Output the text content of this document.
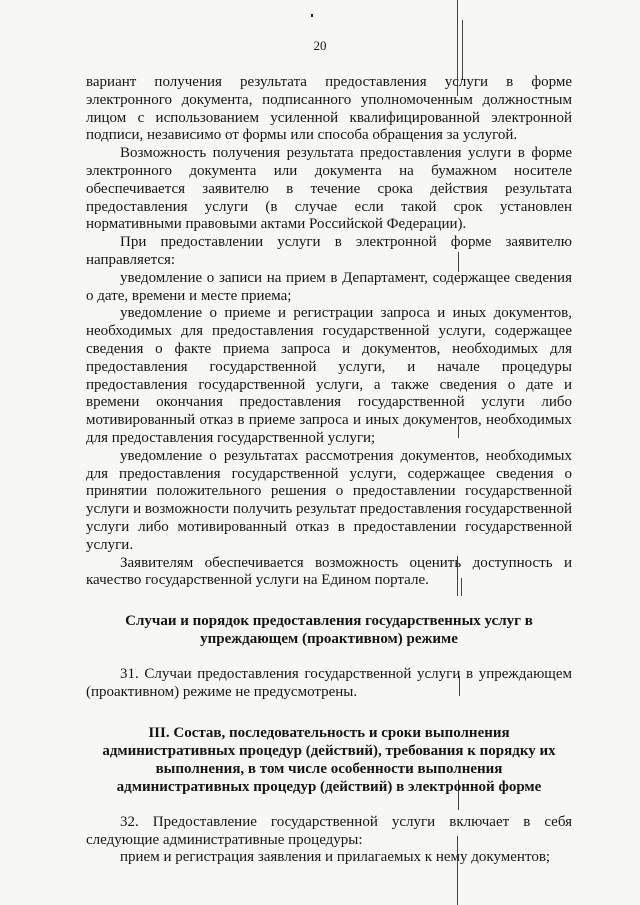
20

вариант получения результата предоставления услуги в форме электронного документа, подписанного уполномоченным должностным лицом с использованием усиленной квалифицированной электронной подписи, независимо от формы или способа обращения за услугой.

Возможность получения результата предоставления услуги в форме электронного документа или документа на бумажном носителе обеспечивается заявителю в течение срока действия результата предоставления услуги (в случае если такой срок установлен нормативными правовыми актами Российской Федерации).

При предоставлении услуги в электронной форме заявителю направляется:

уведомление о записи на прием в Департамент, содержащее сведения о дате, времени и месте приема;

уведомление о приеме и регистрации запроса и иных документов, необходимых для предоставления государственной услуги, содержащее сведения о факте приема запроса и документов, необходимых для предоставления государственной услуги, и начале процедуры предоставления государственной услуги, а также сведения о дате и времени окончания предоставления государственной услуги либо мотивированный отказ в приеме запроса и иных документов, необходимых для предоставления государственной услуги;

уведомление о результатах рассмотрения документов, необходимых для предоставления государственной услуги, содержащее сведения о принятии положительного решения о предоставлении государственной услуги и возможности получить результат предоставления государственной услуги либо мотивированный отказ в предоставлении государственной услуги.

Заявителям обеспечивается возможность оценить доступность и качество государственной услуги на Едином портале.

Случаи и порядок предоставления государственных услуг в упреждающем (проактивном) режиме

31. Случаи предоставления государственной услуги в упреждающем (проактивном) режиме не предусмотрены.

III. Состав, последовательность и сроки выполнения административных процедур (действий), требования к порядку их выполнения, в том числе особенности выполнения административных процедур (действий) в электронной форме

32. Предоставление государственной услуги включает в себя следующие административные процедуры:

прием и регистрация заявления и прилагаемых к нему документов;
